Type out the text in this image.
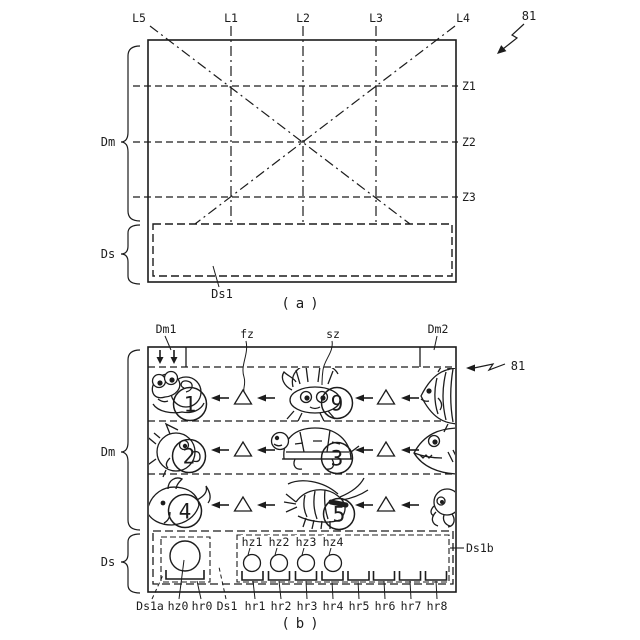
L5	L1	L2	L3	L4
Z1
Z2
Z3
Dm
Ds
Ds1
81
(a)
1	9
2	3
4	5
Dm1	fz	sz	Dm2
81
Dm
Ds
Ds1b
hz1 hz2 hz3 hz4
Ds1a hz0 hr0 Ds1 hr1 hr2 hr3 hr4 hr5 hr6 hr7 hr8
(b)
